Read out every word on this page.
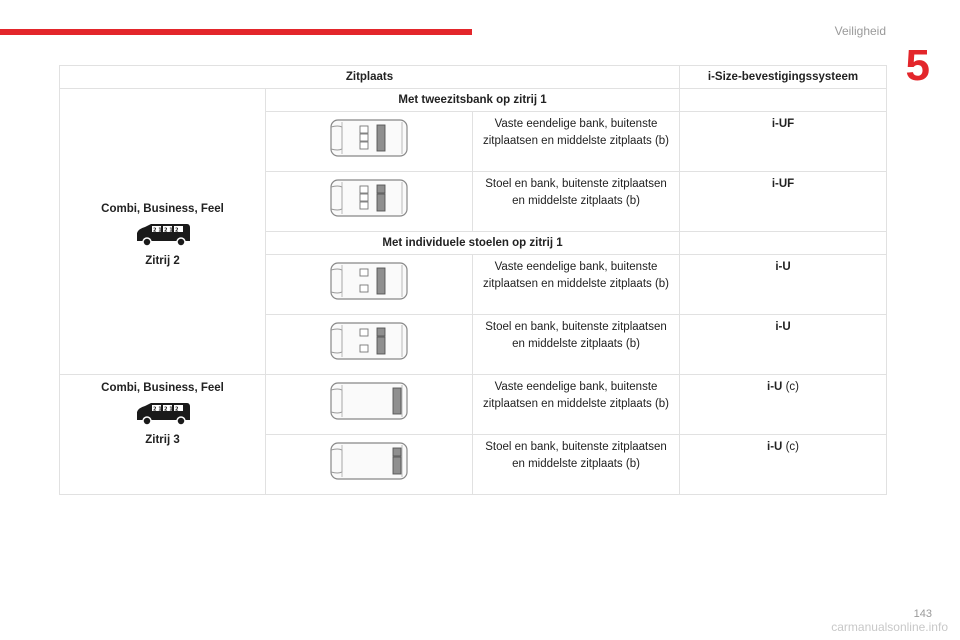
Veiligheid
5
Zitplaats			i-Size-bevestigingssysteem
Combi, Business, Feel
2 1 2 1 2
Zitrij 2	Met tweezitsbank op zitrij 1		

	Vaste eendelige bank, buitenste zitplaatsen en middelste zitplaats (b)	i-UF

	Stoel en bank, buitenste zitplaatsen en middelste zitplaats (b)	i-UF
	Met individuele stoelen op zitrij 1		

	Vaste eendelige bank, buitenste zitplaatsen en middelste zitplaats (b)	i-U

	Stoel en bank, buitenste zitplaatsen en middelste zitplaats (b)	i-U
Combi, Business, Feel
2 1 2 1 2
Zitrij 3		Vaste eendelige bank, buitenste zitplaatsen en middelste zitplaats (b)	i-U (c)

	Stoel en bank, buitenste zitplaatsen en middelste zitplaats (b)	i-U (c)
143
carmanualsonline.info
